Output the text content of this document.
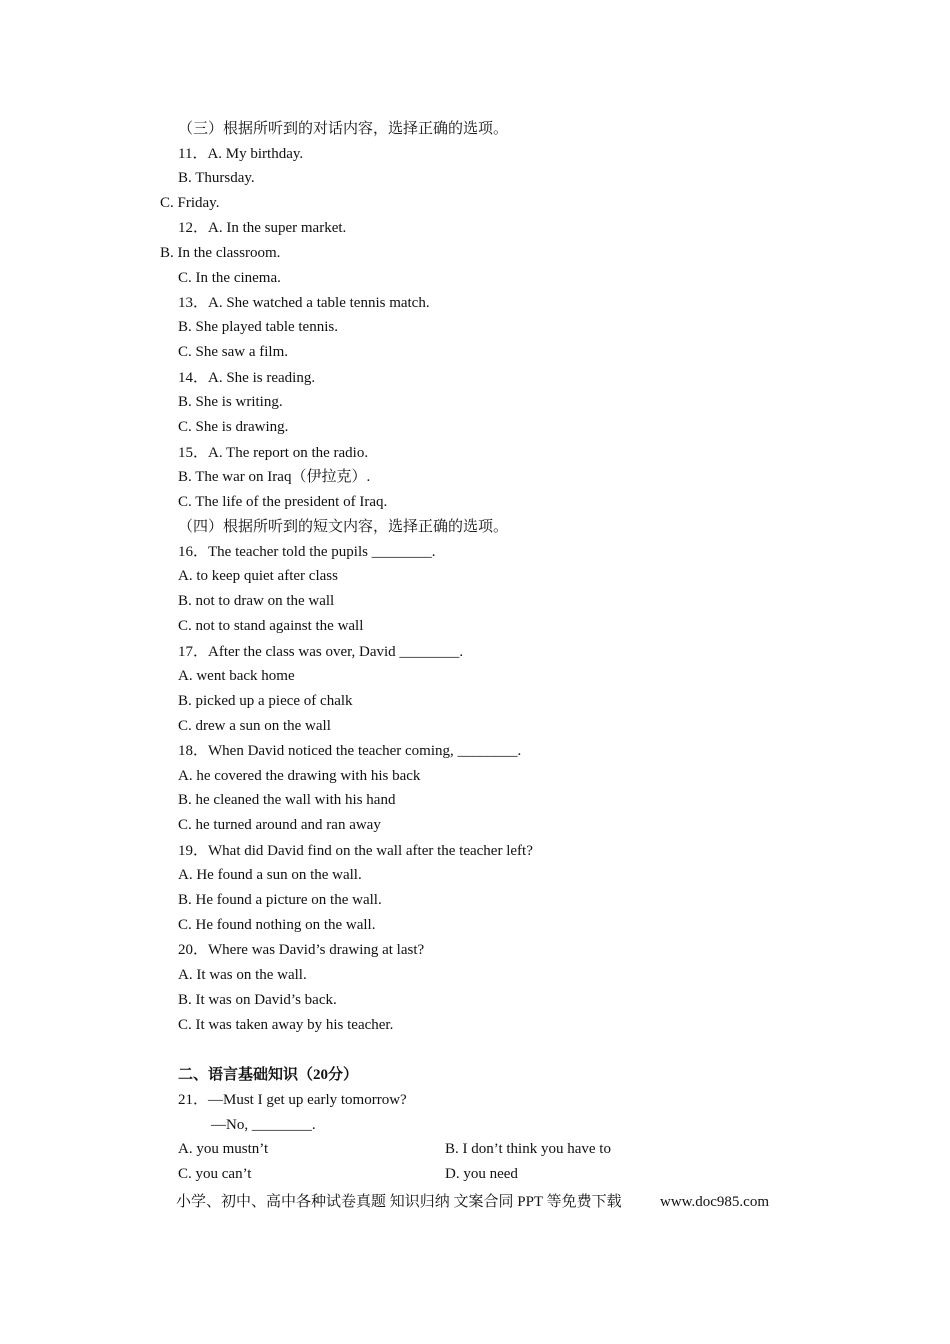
（三）根据所听到的对话内容，选择正确的选项。
11．A. My birthday.
B. Thursday.
C. Friday.
12．A. In the super market.
B. In the classroom.
C. In the cinema.
13．A. She watched a table tennis match.
B. She played table tennis.
C. She saw a film.
14．A. She is reading.
B. She is writing.
C. She is drawing.
15．A. The report on the radio.
B. The war on Iraq（伊拉克）.
C. The life of the president of Iraq.
（四）根据所听到的短文内容，选择正确的选项。
16．The teacher told the pupils ________.
A. to keep quiet after class
B. not to draw on the wall
C. not to stand against the wall
17．After the class was over, David ________.
A. went back home
B. picked up a piece of chalk
C. drew a sun on the wall
18．When David noticed the teacher coming, ________.
A. he covered the drawing with his back
B. he cleaned the wall with his hand
C. he turned around and ran away
19．What did David find on the wall after the teacher left?
A. He found a sun on the wall.
B. He found a picture on the wall.
C. He found nothing on the wall.
20．Where was David’s drawing at last?
A. It was on the wall.
B. It was on David’s back.
C. It was taken away by his teacher.
二、语言基础知识（20分）
21．—Must I get up early tomorrow?
—No, ________.
A. you mustn’t	B. I don’t think you have to
C. you can’t	D. you need
小学、初中、高中各种试卷真题 知识归纳 文案合同 PPT 等免费下载	www.doc985.com
